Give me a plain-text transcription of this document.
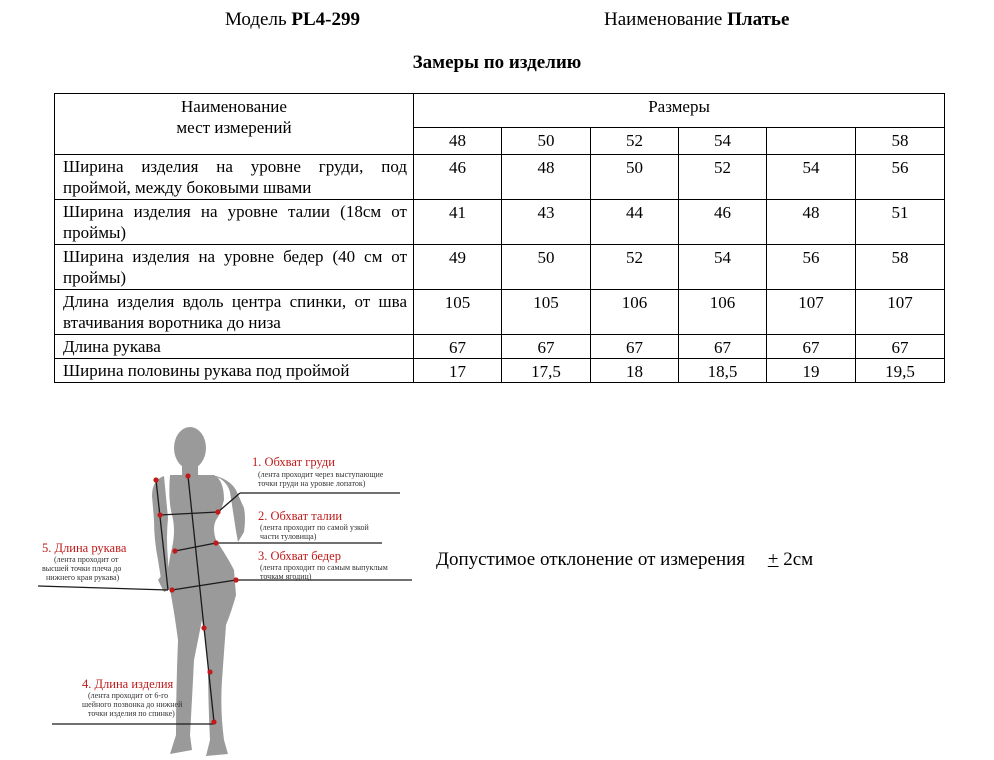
Модель PL4-299	Наименование Платье
Замеры по изделию
Наименование
мест измерений	Размеры					
	48	50	52	54		58
Ширина изделия на уровне груди, под проймой, между боковыми швами	46	48	50	52	54	56
Ширина изделия на уровне талии (18см от проймы)	41	43	44	46	48	51
Ширина изделия на уровне бедер (40 см от проймы)	49	50	52	54	56	58
Длина изделия вдоль центра спинки, от шва втачивания воротника до низа	105	105	106	106	107	107
Длина рукава	67	67	67	67	67	67
Ширина половины рукава под проймой	17	17,5	18	18,5	19	19,5
Допустимое отклонение от измерения + 2см
1. Обхват груди
(лента проходит через выступающие
точки груди на уровне лопаток)
2. Обхват талии
(лента проходит по самой узкой
части туловища)
3. Обхват бедер
(лента проходит по самым выпуклым
точкам ягодиц)
4. Длина изделия
(лента проходит от 6-го
шейного позвонка до нижней
точки изделия по спинке)
5. Длина рукава
(лента проходит от
высшей точки плеча до
нижнего края рукава)
